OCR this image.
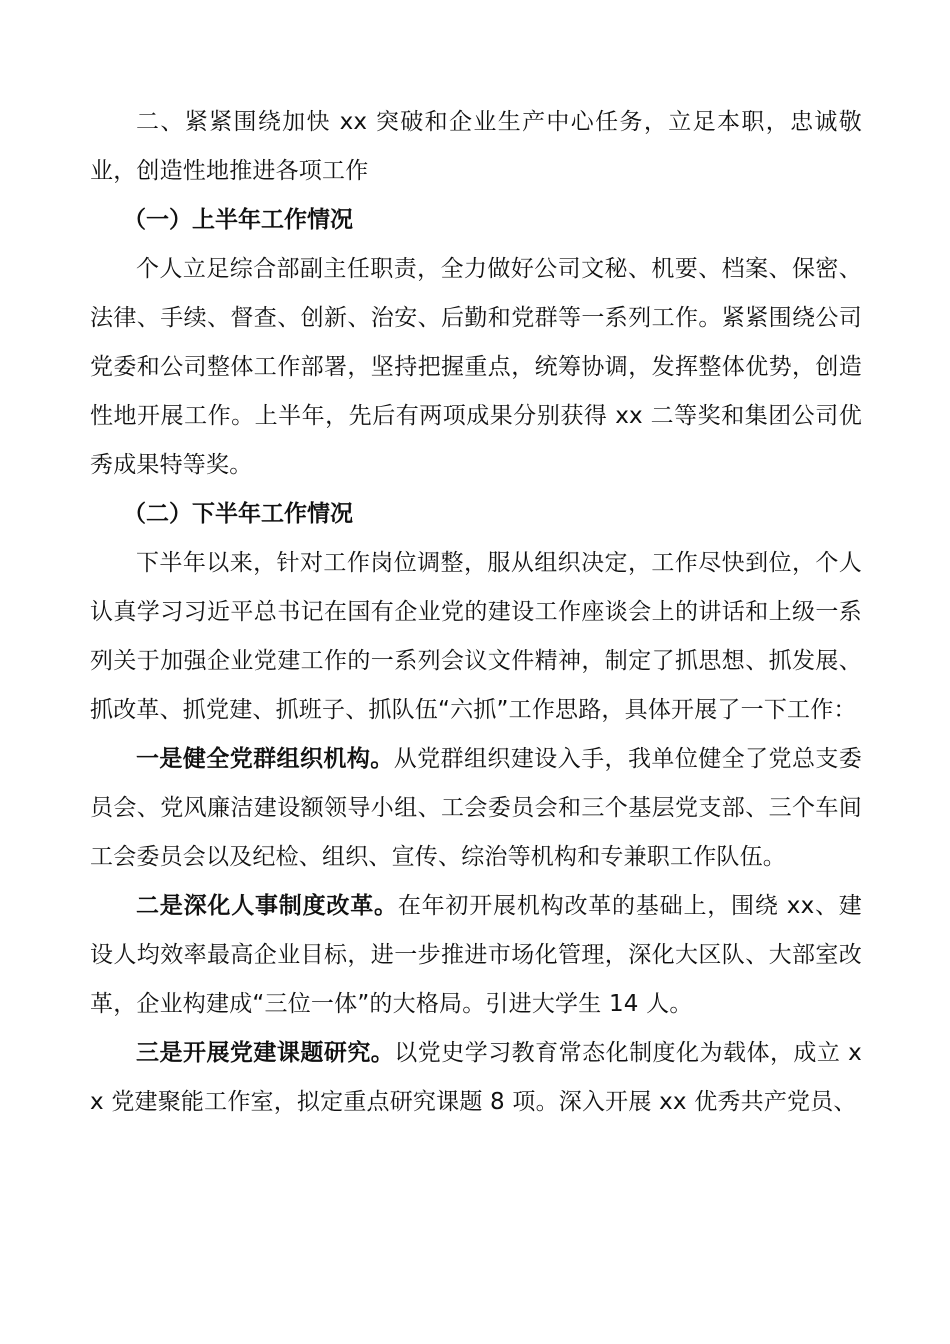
二、紧紧围绕加快 xx 突破和企业生产中心任务，立足本职，忠诚敬业，创造性地推进各项工作

（一）上半年工作情况

个人立足综合部副主任职责，全力做好公司文秘、机要、档案、保密、法律、手续、督查、创新、治安、后勤和党群等一系列工作。紧紧围绕公司党委和公司整体工作部署，坚持把握重点，统筹协调，发挥整体优势，创造性地开展工作。上半年，先后有两项成果分别获得 xx 二等奖和集团公司优秀成果特等奖。

（二）下半年工作情况

下半年以来，针对工作岗位调整，服从组织决定，工作尽快到位，个人认真学习习近平总书记在国有企业党的建设工作座谈会上的讲话和上级一系列关于加强企业党建工作的一系列会议文件精神，制定了抓思想、抓发展、抓改革、抓党建、抓班子、抓队伍“六抓”工作思路，具体开展了一下工作：

一是健全党群组织机构。从党群组织建设入手，我单位健全了党总支委员会、党风廉洁建设额领导小组、工会委员会和三个基层党支部、三个车间工会委员会以及纪检、组织、宣传、综治等机构和专兼职工作队伍。

二是深化人事制度改革。在年初开展机构改革的基础上，围绕 xx、建设人均效率最高企业目标，进一步推进市场化管理，深化大区队、大部室改革，企业构建成“三位一体”的大格局。引进大学生 14 人。

三是开展党建课题研究。以党史学习教育常态化制度化为载体，成立 xx 党建聚能工作室，拟定重点研究课题 8 项。深入开展 xx 优秀共产党员、
